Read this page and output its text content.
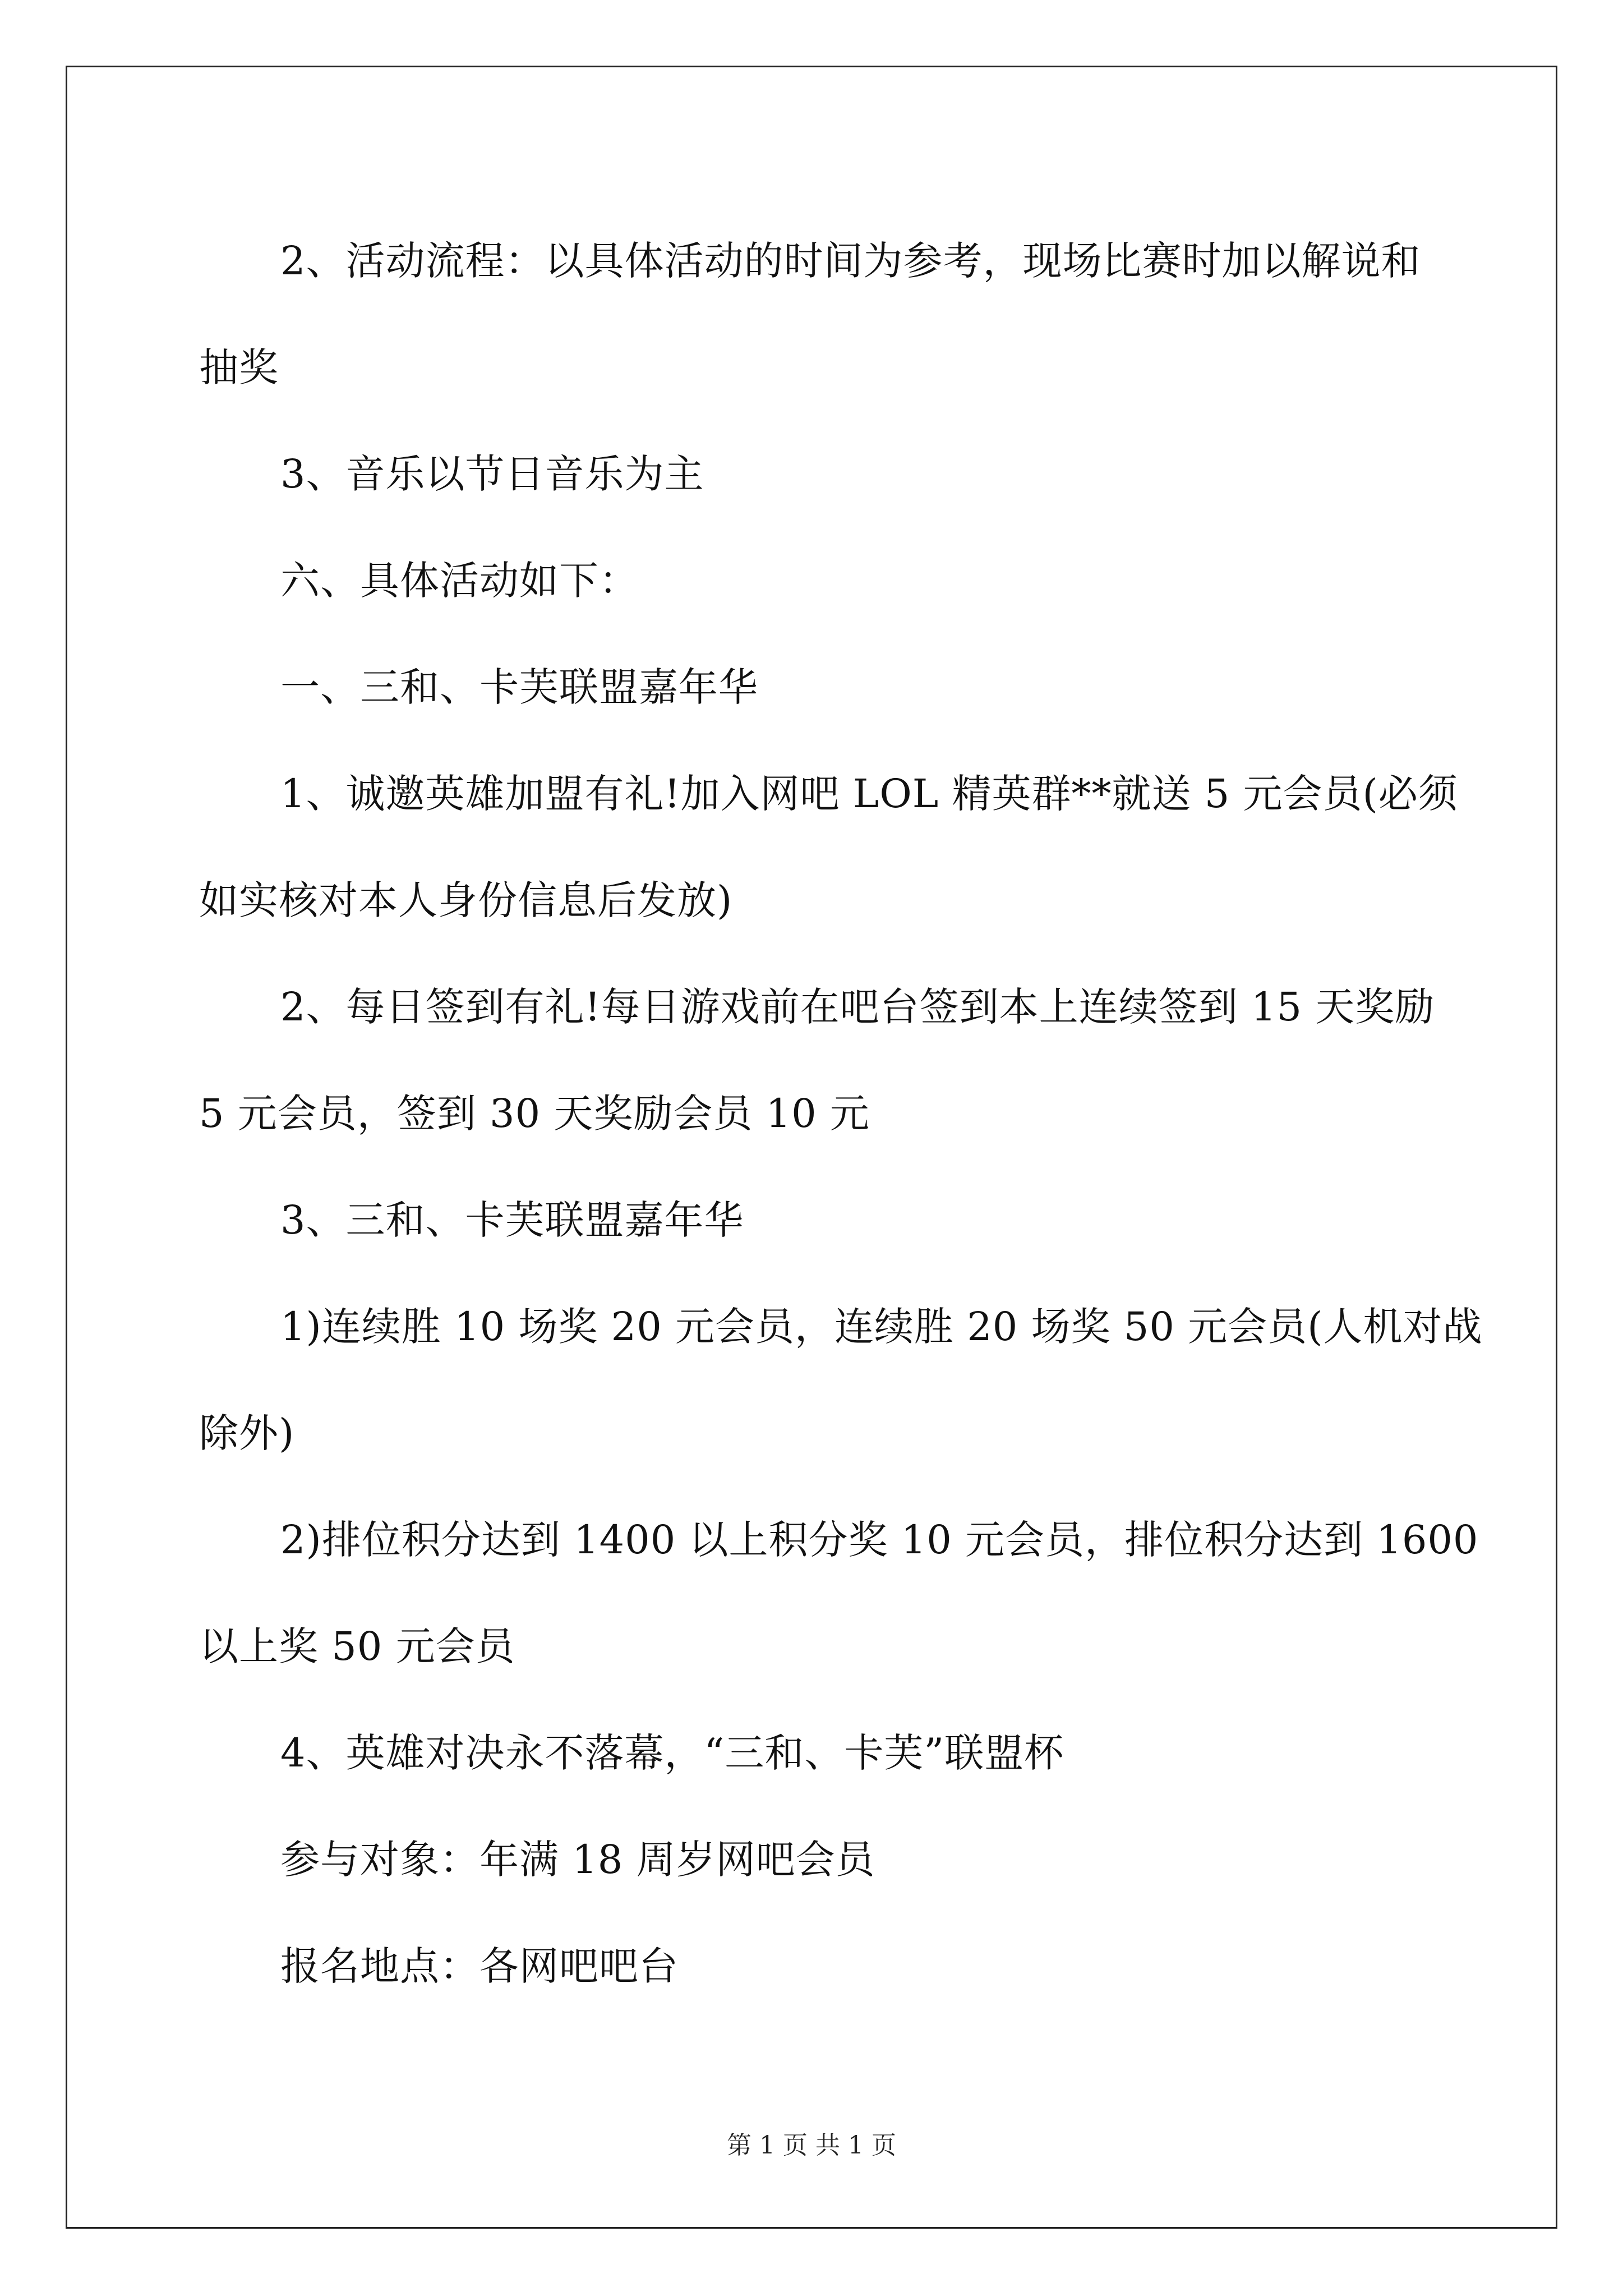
2、活动流程：以具体活动的时间为参考，现场比赛时加以解说和
抽奖

3、音乐以节日音乐为主

六、具体活动如下：

一、三和、卡芙联盟嘉年华

1、诚邀英雄加盟有礼!加入网吧 LOL 精英群**就送 5 元会员(必须
如实核对本人身份信息后发放)

2、每日签到有礼!每日游戏前在吧台签到本上连续签到 15 天奖励
5 元会员，签到 30 天奖励会员 10 元

3、三和、卡芙联盟嘉年华

1)连续胜 10 场奖 20 元会员，连续胜 20 场奖 50 元会员(人机对战
除外)

2)排位积分达到 1400 以上积分奖 10 元会员，排位积分达到 1600
以上奖 50 元会员

4、英雄对决永不落幕，“三和、卡芙”联盟杯

参与对象：年满 18 周岁网吧会员

报名地点：各网吧吧台

第 1 页 共 1 页
